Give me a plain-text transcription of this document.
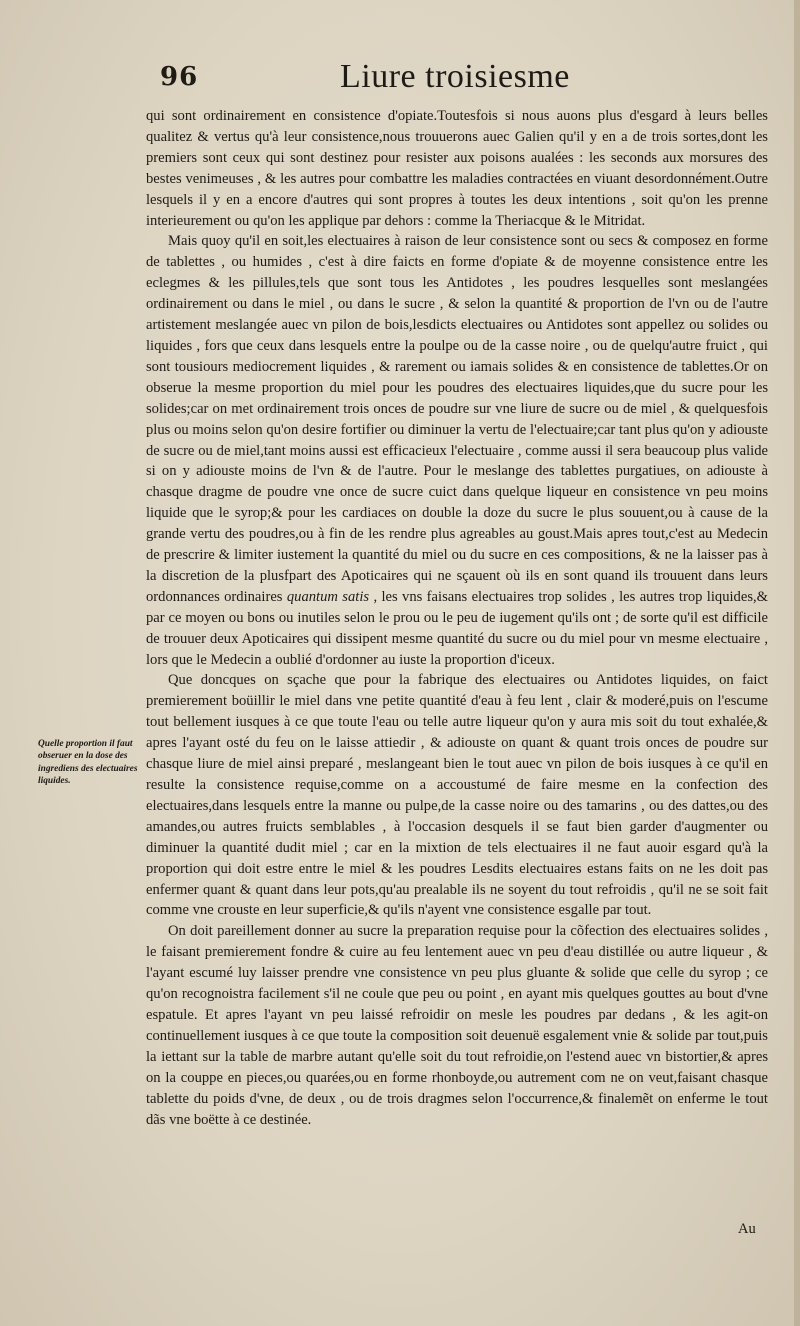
96	Liure troisiesme
Quelle proportion il faut obseruer en la dose des ingrediens des electuaires liquides.

qui sont ordinairement en consistence d'opiate.Toutesfois si nous auons plus d'esgard à leurs belles qualitez & vertus qu'à leur consistence,nous trouuerons auec Galien qu'il y en a de trois sortes,dont les premiers sont ceux qui sont destinez pour resister aux poisons aualées : les seconds aux morsures des bestes venimeuses , & les autres pour combattre les maladies contractées en viuant desordonnément.Outre lesquels il y en a encore d'autres qui sont propres à toutes les deux intentions , soit qu'on les prenne interieurement ou qu'on les applique par dehors : comme la Theriacque & le Mitridat.

Mais quoy qu'il en soit,les electuaires à raison de leur consistence sont ou secs & composez en forme de tablettes , ou humides , c'est à dire faicts en forme d'opiate & de moyenne consistence entre les eclegmes & les pillules,tels que sont tous les Antidotes , les poudres lesquelles sont meslangées ordinairement ou dans le miel , ou dans le sucre , & selon la quantité & proportion de l'vn ou de l'autre artistement meslangée auec vn pilon de bois,lesdicts electuaires ou Antidotes sont appellez ou solides ou liquides , fors que ceux dans lesquels entre la poulpe ou de la casse noire , ou de quelqu'autre fruict , qui sont tousiours mediocrement liquides , & rarement ou iamais solides & en consistence de tablettes.Or on obserue la mesme proportion du miel pour les poudres des electuaires liquides,que du sucre pour les solides;car on met ordinairement trois onces de poudre sur vne liure de sucre ou de miel , & quelquesfois plus ou moins selon qu'on desire fortifier ou diminuer la vertu de l'electuaire;car tant plus qu'on y adiouste de sucre ou de miel,tant moins aussi est efficacieux l'electuaire , comme aussi il sera beaucoup plus valide si on y adiouste moins de l'vn & de l'autre. Pour le meslange des tablettes purgatiues, on adiouste à chasque dragme de poudre vne once de sucre cuict dans quelque liqueur en consistence vn peu moins liquide que le syrop;& pour les cardiaces on double la doze du sucre le plus souuent,ou à cause de la grande vertu des poudres,ou à fin de les rendre plus agreables au goust.Mais apres tout,c'est au Medecin de prescrire & limiter iustement la quantité du miel ou du sucre en ces compositions, & ne la laisser pas à la discretion de la plusfpart des Apoticaires qui ne sçauent où ils en sont quand ils trouuent dans leurs ordonnances ordinaires quantum satis , les vns faisans electuaires trop solides , les autres trop liquides,& par ce moyen ou bons ou inutiles selon le prou ou le peu de iugement qu'ils ont ; de sorte qu'il est difficile de trouuer deux Apoticaires qui dissipent mesme quantité du sucre ou du miel pour vn mesme electuaire , lors que le Medecin a oublié d'ordonner au iuste la proportion d'iceux.

Que doncques on sçache que pour la fabrique des electuaires ou Antidotes liquides, on faict premierement boüillir le miel dans vne petite quantité d'eau à feu lent , clair & moderé,puis on l'escume tout bellement iusques à ce que toute l'eau ou telle autre liqueur qu'on y aura mis soit du tout exhalée,& apres l'ayant osté du feu on le laisse attiedir , & adiouste on quant & quant trois onces de poudre sur chasque liure de miel ainsi preparé , meslangeant bien le tout auec vn pilon de bois iusques à ce qu'il en resulte la consistence requise,comme on a accoustumé de faire mesme en la confection des electuaires,dans lesquels entre la manne ou pulpe,de la casse noire ou des tamarins , ou des dattes,ou des amandes,ou autres fruicts semblables , à l'occasion desquels il se faut bien garder d'augmenter ou diminuer la quantité dudit miel ; car en la mixtion de tels electuaires il ne faut auoir esgard qu'à la proportion qui doit estre entre le miel & les poudres Lesdits electuaires estans faits on ne les doit pas enfermer quant & quant dans leur pots,qu'au prealable ils ne soyent du tout refroidis , qu'il ne se soit fait comme vne crouste en leur superficie,& qu'ils n'ayent vne consistence esgalle par tout.

On doit pareillement donner au sucre la preparation requise pour la cõfection des electuaires solides , le faisant premierement fondre & cuire au feu lentement auec vn peu d'eau distillée ou autre liqueur , & l'ayant escumé luy laisser prendre vne consistence vn peu plus gluante & solide que celle du syrop ; ce qu'on recognoistra facilement s'il ne coule que peu ou point , en ayant mis quelques gouttes au bout d'vne espatule. Et apres l'ayant vn peu laissé refroidir on mesle les poudres par dedans , & les agit-on continuellement iusques à ce que toute la composition soit deuenuë esgalement vnie & solide par tout,puis la iettant sur la table de marbre autant qu'elle soit du tout refroidie,on l'estend auec vn bistortier,& apres on la couppe en pieces,ou quarées,ou en forme rhonboyde,ou autrement com ne on veut,faisant chasque tablette du poids d'vne, de deux , ou de trois dragmes selon l'occurrence,& finalemẽt on enferme le tout dãs vne boëtte à ce destinée.

Au
